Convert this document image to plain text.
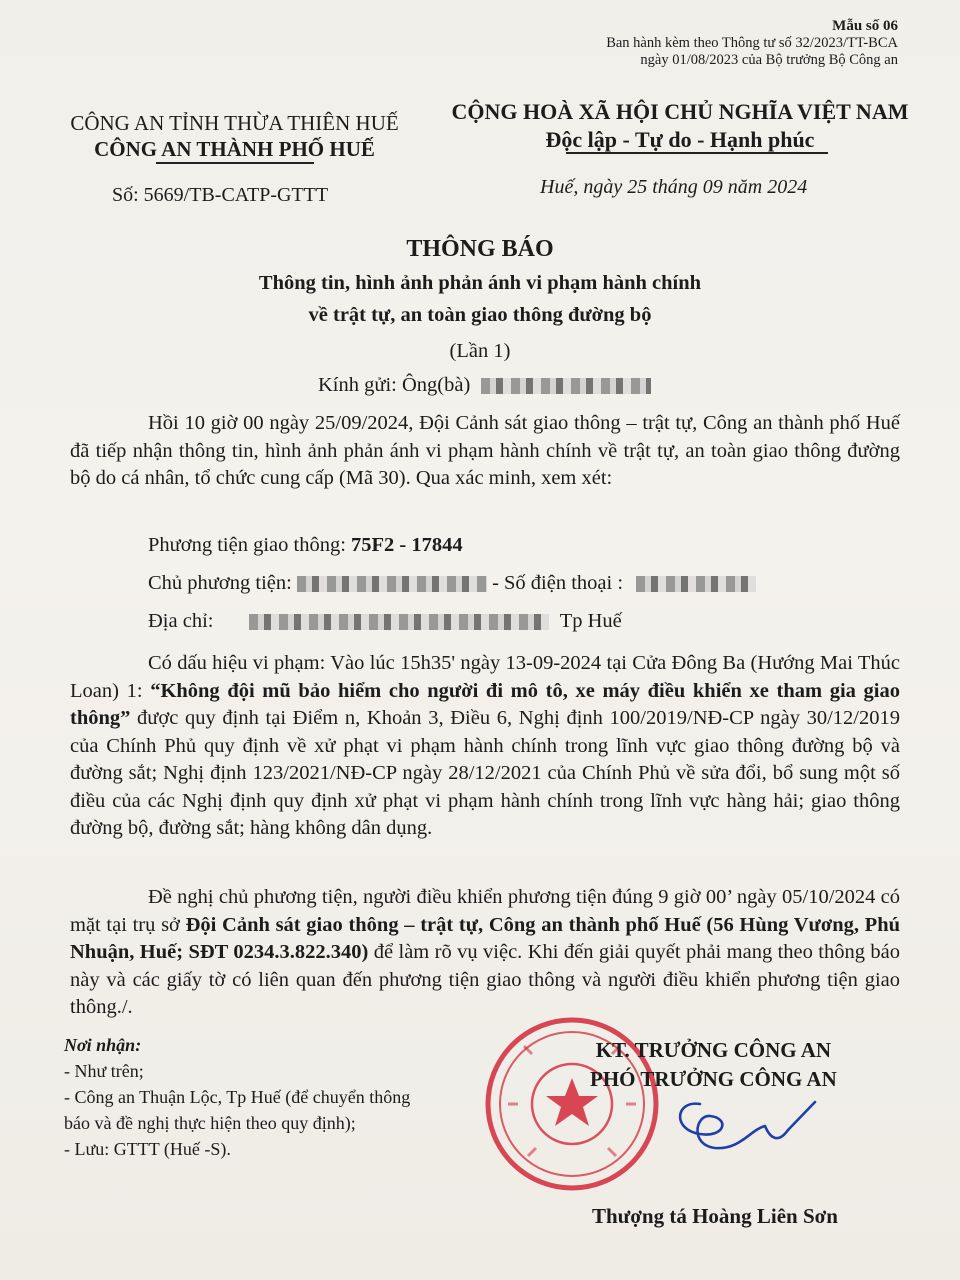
Mẫu số 06
Ban hành kèm theo Thông tư số 32/2023/TT-BCA
ngày 01/08/2023 của Bộ trưởng Bộ Công an
CÔNG AN TỈNH THỪA THIÊN HUẾ
CÔNG AN THÀNH PHỐ HUẾ
CỘNG HOÀ XÃ HỘI CHỦ NGHĨA VIỆT NAM
Độc lập - Tự do - Hạnh phúc
Số: 5669/TB-CATP-GTTT	Huế, ngày 25 tháng 09 năm 2024
THÔNG BÁO
Thông tin, hình ảnh phản ánh vi phạm hành chính
về trật tự, an toàn giao thông đường bộ
(Lần 1)
Kính gửi: Ông(bà)

Hồi 10 giờ 00 ngày 25/09/2024, Đội Cảnh sát giao thông – trật tự, Công an thành phố Huế đã tiếp nhận thông tin, hình ảnh phản ánh vi phạm hành chính về trật tự, an toàn giao thông đường bộ do cá nhân, tổ chức cung cấp (Mã 30). Qua xác minh, xem xét:

Phương tiện giao thông: 75F2 - 17844
Chủ phương tiện:	- Số điện thoại :
Địa chỉ:	Tp Huế

Có dấu hiệu vi phạm: Vào lúc 15h35' ngày 13-09-2024 tại Cửa Đông Ba (Hướng Mai Thúc Loan) 1: “Không đội mũ bảo hiểm cho người đi mô tô, xe máy điều khiển xe tham gia giao thông” được quy định tại Điểm n, Khoản 3, Điều 6, Nghị định 100/2019/NĐ-CP ngày 30/12/2019 của Chính Phủ quy định về xử phạt vi phạm hành chính trong lĩnh vực giao thông đường bộ và đường sắt; Nghị định 123/2021/NĐ-CP ngày 28/12/2021 của Chính Phủ về sửa đổi, bổ sung một số điều của các Nghị định quy định xử phạt vi phạm hành chính trong lĩnh vực hàng hải; giao thông đường bộ, đường sắt; hàng không dân dụng.

Đề nghị chủ phương tiện, người điều khiển phương tiện đúng 9 giờ 00’ ngày 05/10/2024 có mặt tại trụ sở Đội Cảnh sát giao thông – trật tự, Công an thành phố Huế (56 Hùng Vương, Phú Nhuận, Huế; SĐT 0234.3.822.340) để làm rõ vụ việc. Khi đến giải quyết phải mang theo thông báo này và các giấy tờ có liên quan đến phương tiện giao thông và người điều khiển phương tiện giao thông./.

Nơi nhận:
- Như trên;
- Công an Thuận Lộc, Tp Huế (để chuyển thông
báo và đề nghị thực hiện theo quy định);
- Lưu: GTTT (Huế -S).
KT. TRƯỞNG CÔNG AN
PHÓ TRƯỞNG CÔNG AN
Thượng tá Hoàng Liên Sơn
